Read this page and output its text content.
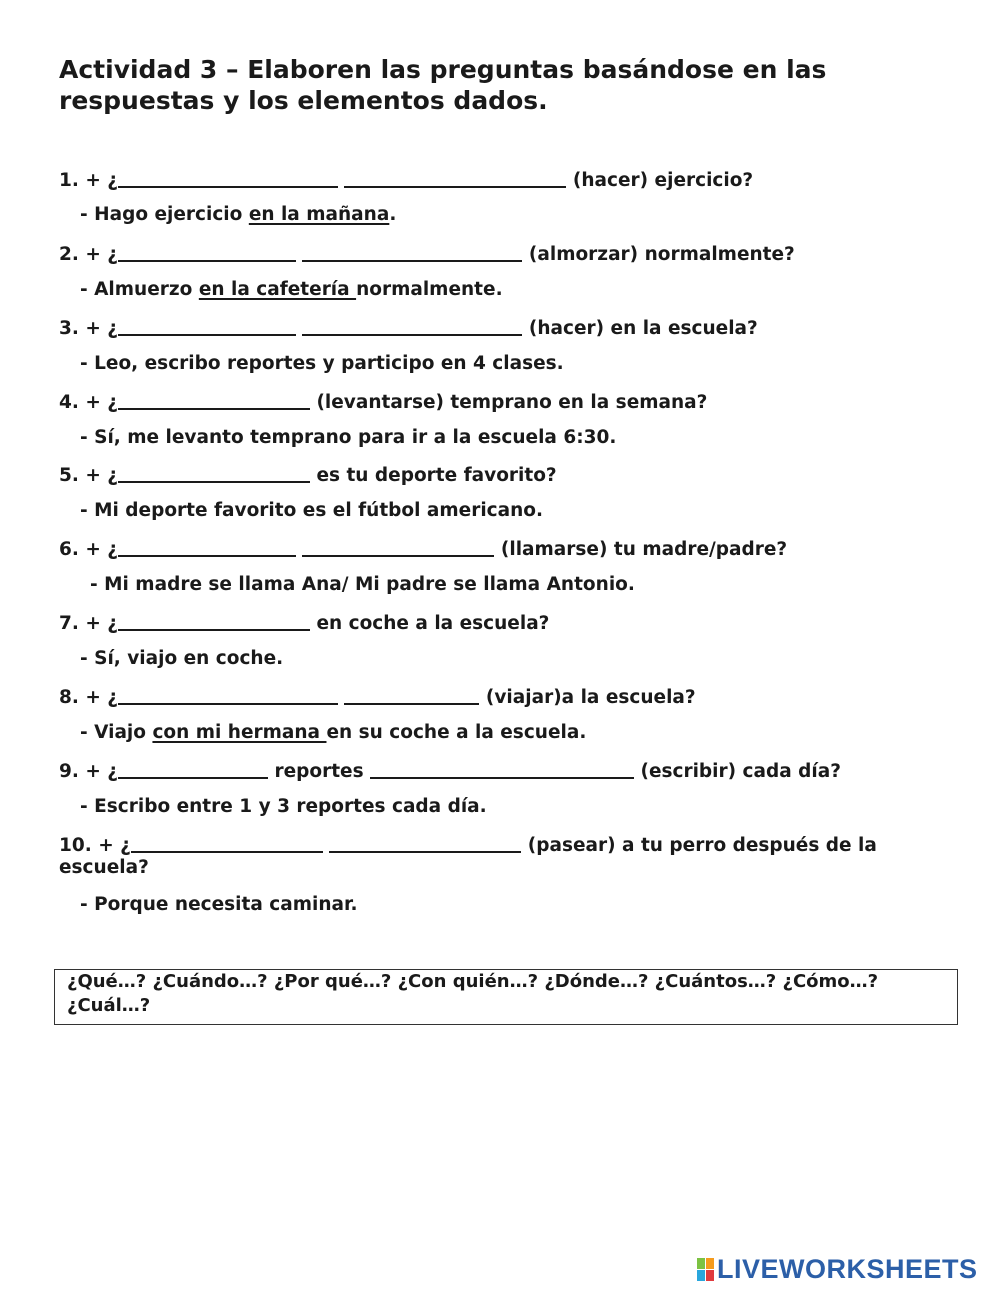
Actividad 3 – Elaboren las preguntas basándose en las respuestas y los elementos dados.
1. + ¿	(hacer) ejercicio?
- Hago ejercicio en la mañana.
2. + ¿	(almorzar) normalmente?
- Almuerzo en la cafetería normalmente.
3. + ¿	(hacer) en la escuela?
- Leo, escribo reportes y participo en 4 clases.
4. + ¿	(levantarse) temprano en la semana?
- Sí, me levanto temprano para ir a la escuela 6:30.
5. + ¿	es tu deporte favorito?
- Mi deporte favorito es el fútbol americano.
6. + ¿	(llamarse) tu madre/padre?
- Mi madre se llama Ana/ Mi padre se llama Antonio.
7. + ¿	en coche a la escuela?
- Sí, viajo en coche.
8. + ¿	(viajar)a la escuela?
- Viajo con mi hermana en su coche a la escuela.
9. + ¿	reportes	(escribir) cada día?
- Escribo entre 1 y 3 reportes cada día.
10. + ¿	(pasear) a tu perro después de la escuela?
- Porque necesita caminar.
¿Qué…? ¿Cuándo…? ¿Por qué…? ¿Con quién…? ¿Dónde…? ¿Cuántos…? ¿Cómo…? ¿Cuál…?
LIVEWORKSHEETS
